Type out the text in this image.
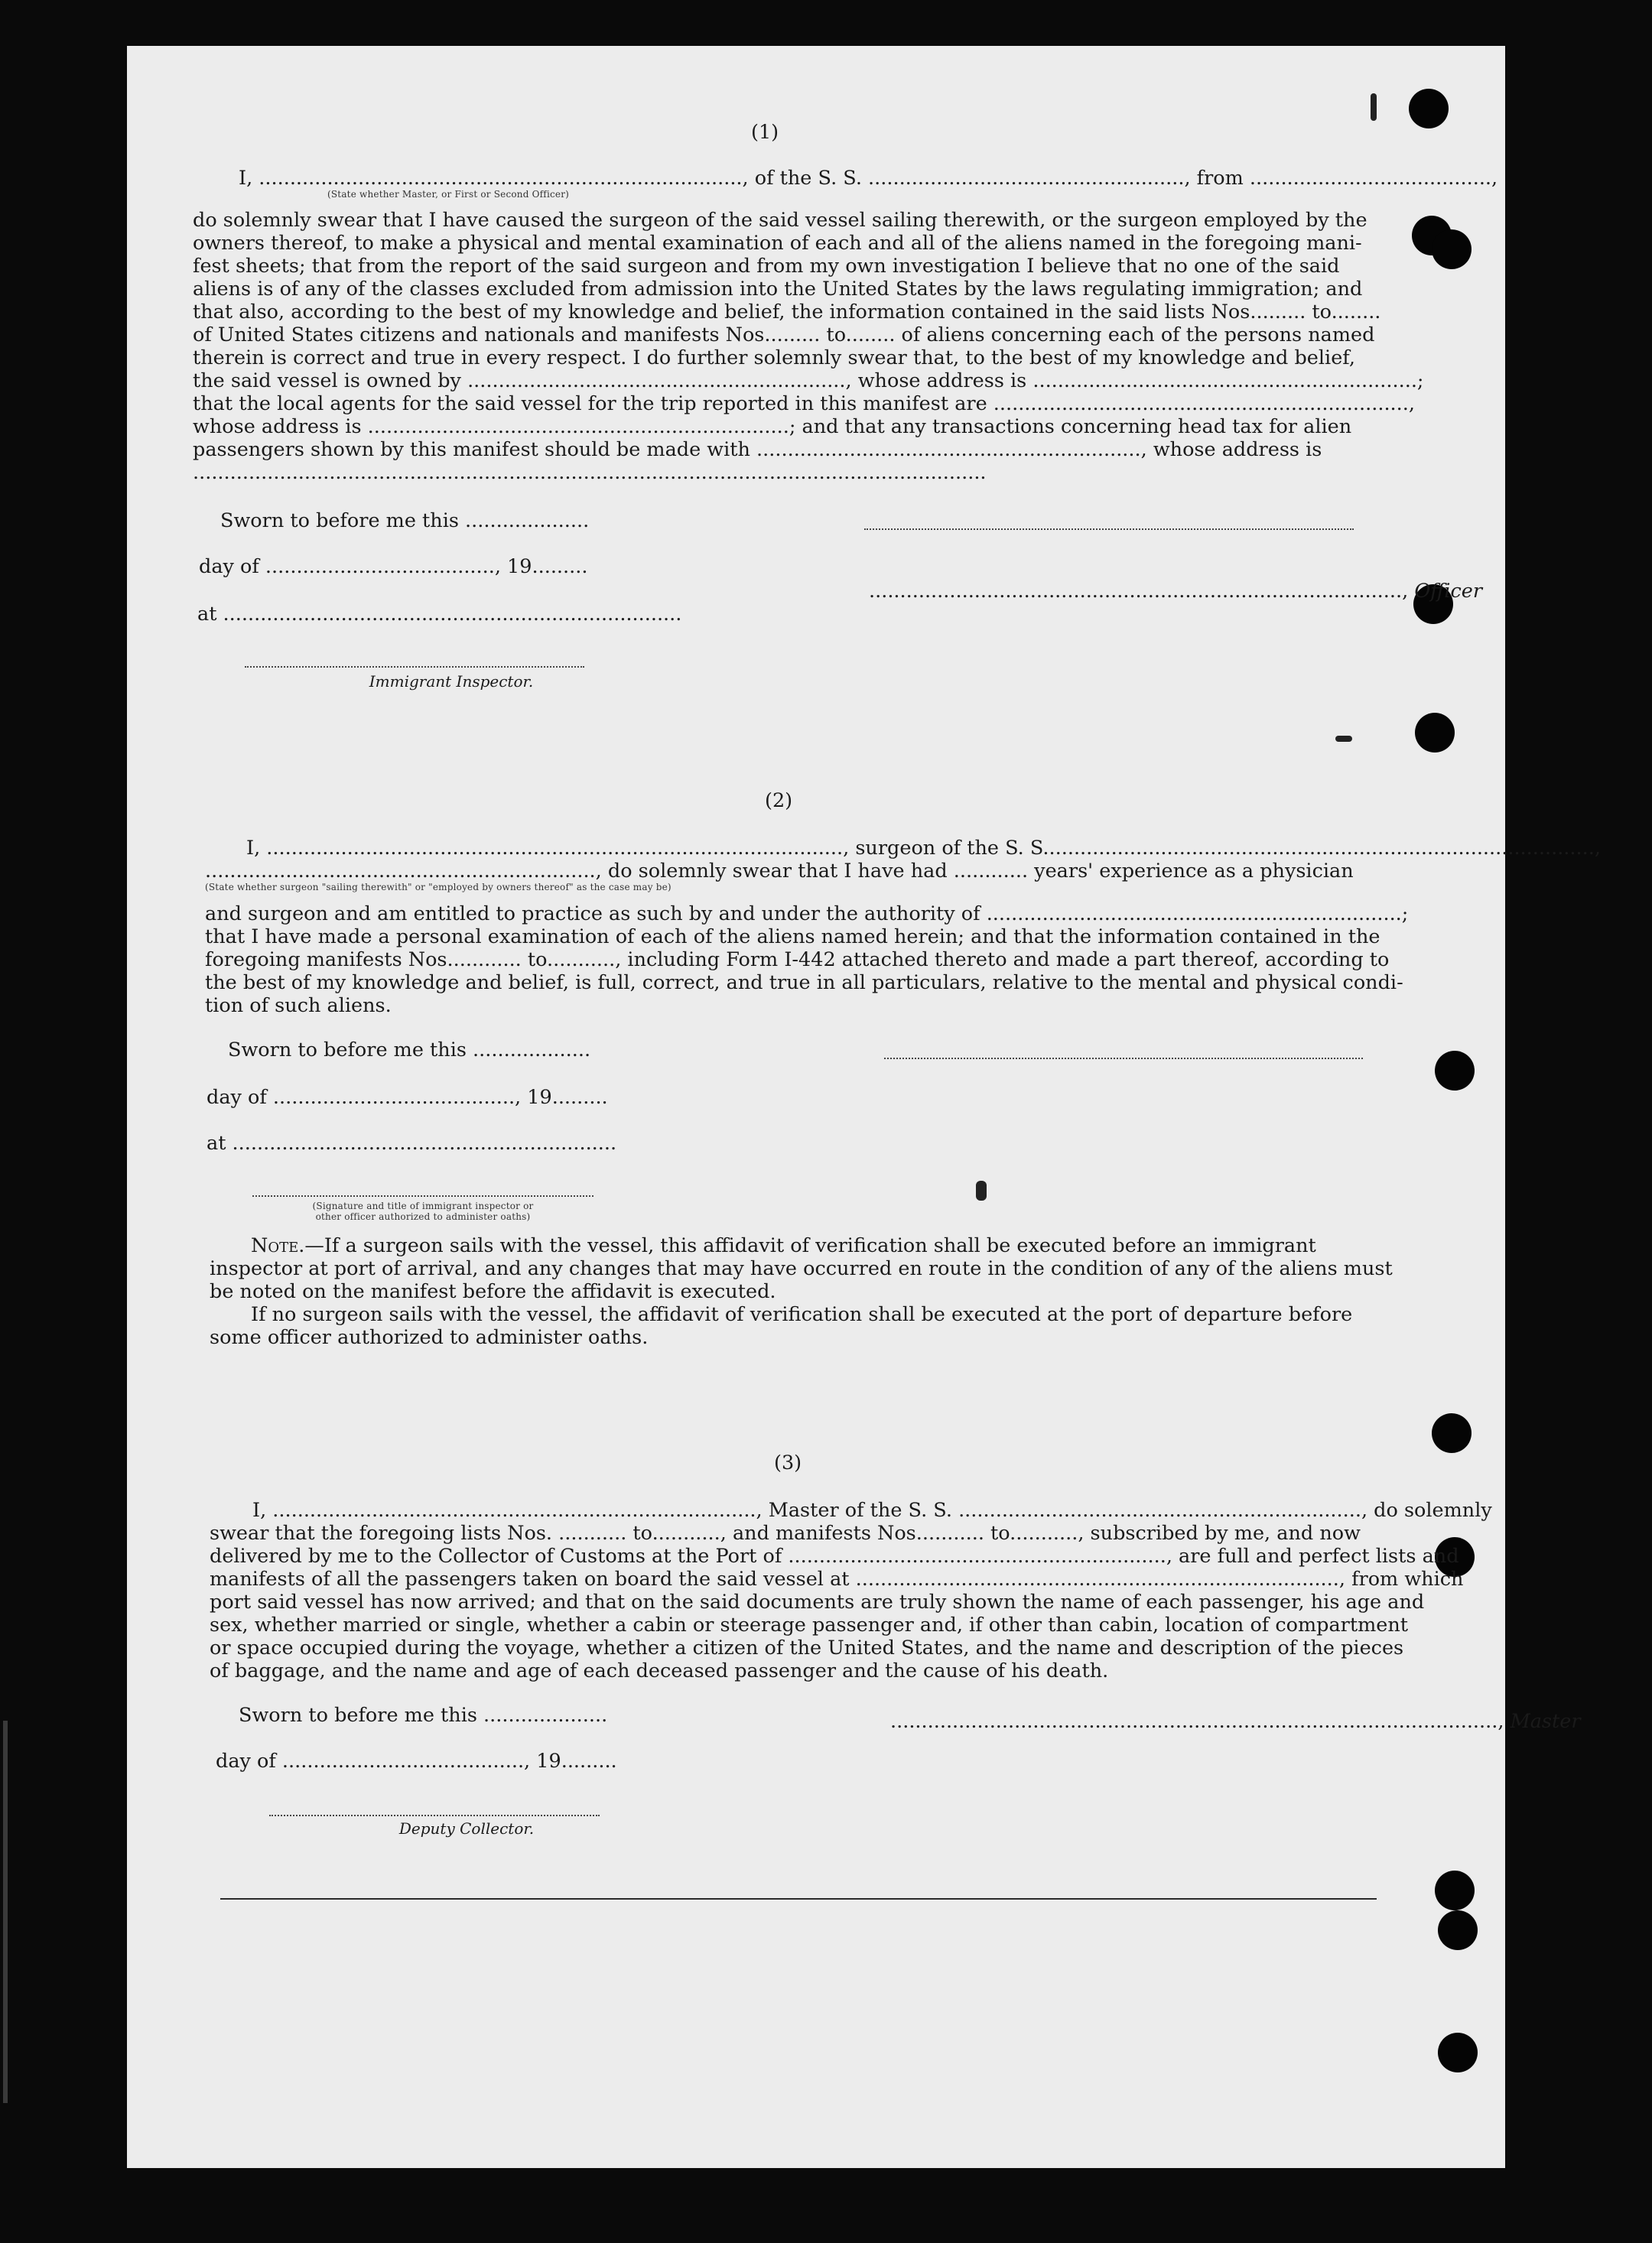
(1)
I, .............................................................................., of the S. S. ..................................................., from .......................................,
(State whether Master, or First or Second Officer)
do solemnly swear that I have caused the surgeon of the said vessel sailing therewith, or the surgeon employed by the
owners thereof, to make a physical and mental examination of each and all of the aliens named in the foregoing mani-
fest sheets; that from the report of the said surgeon and from my own investigation I believe that no one of the said
aliens is of any of the classes excluded from admission into the United States by the laws regulating immigration; and
that also, according to the best of my knowledge and belief, the information contained in the said lists Nos......... to........
of United States citizens and nationals and manifests Nos......... to........ of aliens concerning each of the persons named
therein is correct and true in every respect. I do further solemnly swear that, to the best of my knowledge and belief,
the said vessel is owned by ............................................................., whose address is ..............................................................;
that the local agents for the said vessel for the trip reported in this manifest are ...................................................................,
whose address is ....................................................................; and that any transactions concerning head tax for alien
passengers shown by this manifest should be made with .............................................................., whose address is
................................................................................................................................
Sworn to before me this ....................
day of ....................................., 19.........
......................................................................................, Officer
at ..........................................................................
Immigrant Inspector.
(2)
I, ............................................................................................., surgeon of the S. S.........................................................................................,
..............................................................., do solemnly swear that I have had ............ years' experience as a physician
(State whether surgeon "sailing therewith" or "employed by owners thereof" as the case may be)
and surgeon and am entitled to practice as such by and under the authority of ...................................................................;
that I have made a personal examination of each of the aliens named herein; and that the information contained in the
foregoing manifests Nos............ to..........., including Form I-442 attached thereto and made a part thereof, according to
the best of my knowledge and belief, is full, correct, and true in all particulars, relative to the mental and physical condi-
tion of such aliens.
Sworn to before me this ...................
day of ......................................., 19.........
at ..............................................................
(Signature and title of immigrant inspector or
other officer authorized to administer oaths)
Note.—If a surgeon sails with the vessel, this affidavit of verification shall be executed before an immigrant
inspector at port of arrival, and any changes that may have occurred en route in the condition of any of the aliens must
be noted on the manifest before the affidavit is executed.
If no surgeon sails with the vessel, the affidavit of verification shall be executed at the port of departure before
some officer authorized to administer oaths.
(3)
I, .............................................................................., Master of the S. S. ................................................................., do solemnly
swear that the foregoing lists Nos. ........... to..........., and manifests Nos........... to..........., subscribed by me, and now
delivered by me to the Collector of Customs at the Port of ............................................................., are full and perfect lists and
manifests of all the passengers taken on board the said vessel at .............................................................................., from which
port said vessel has now arrived; and that on the said documents are truly shown the name of each passenger, his age and
sex, whether married or single, whether a cabin or steerage passenger and, if other than cabin, location of compartment
or space occupied during the voyage, whether a citizen of the United States, and the name and description of the pieces
of baggage, and the name and age of each deceased passenger and the cause of his death.
Sworn to before me this ....................	.................................................................................................., Master
day of ......................................., 19.........
Deputy Collector.
